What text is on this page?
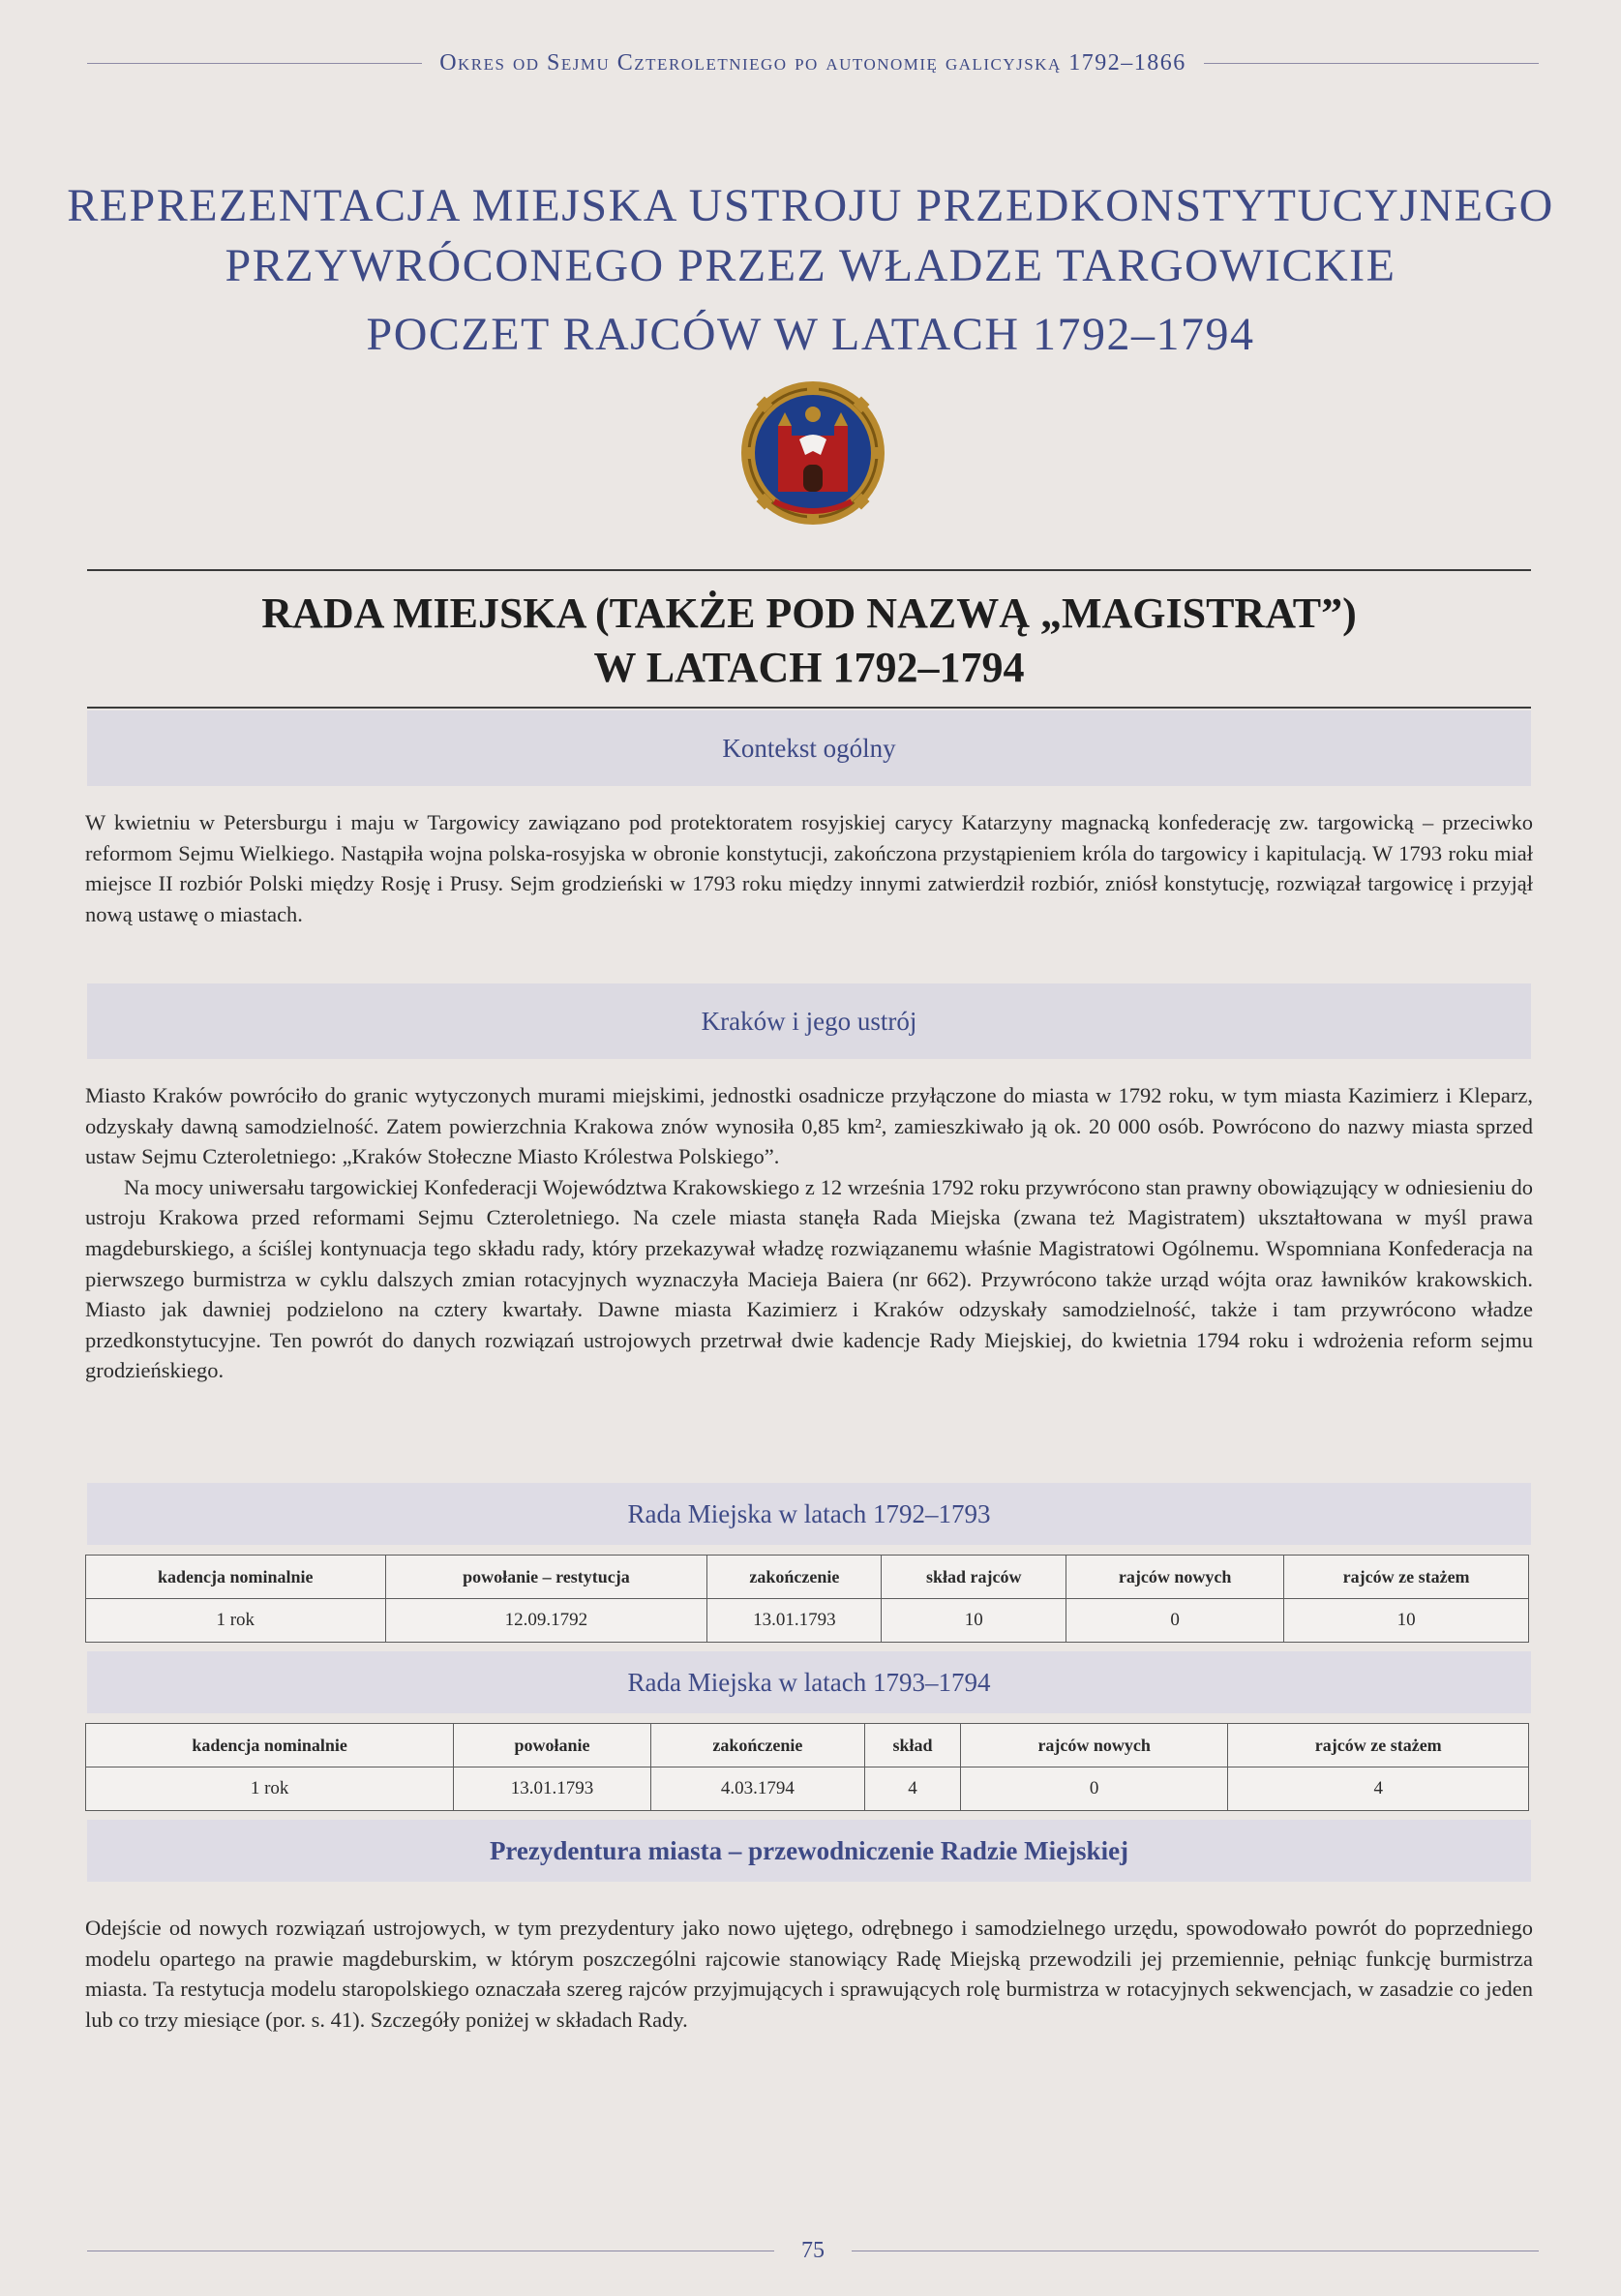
Okres od Sejmu Czteroletniego po autonomię galicyjską 1792–1866
REPREZENTACJA MIEJSKA USTROJU PRZEDKONSTYTUCYJNEGO
PRZYWRÓCONEGO PRZEZ WŁADZE TARGOWICKIE
POCZET RAJCÓW W LATACH 1792–1794
RADA MIEJSKA (TAKŻE POD NAZWĄ „MAGISTRAT”)
W LATACH 1792–1794
Kontekst ogólny

W kwietniu w Petersburgu i maju w Targowicy zawiązano pod protektoratem rosyjskiej carycy Katarzyny magnacką konfederację zw. targowicką – przeciwko reformom Sejmu Wielkiego. Nastąpiła wojna polska-rosyjska w obronie konstytucji, zakończona przystąpieniem króla do targowicy i kapitulacją. W 1793 roku miał miejsce II rozbiór Polski między Rosję i Prusy. Sejm grodzieński w 1793 roku między innymi zatwierdził rozbiór, zniósł konstytucję, rozwiązał targowicę i przyjął nową ustawę o miastach.

Kraków i jego ustrój

Miasto Kraków powróciło do granic wytyczonych murami miejskimi, jednostki osadnicze przyłączone do miasta w 1792 roku, w tym miasta Kazimierz i Kleparz, odzyskały dawną samodzielność. Zatem powierzchnia Krakowa znów wynosiła 0,85 km², zamieszkiwało ją ok. 20 000 osób. Powrócono do nazwy miasta sprzed ustaw Sejmu Czteroletniego: „Kraków Stołeczne Miasto Królestwa Polskiego”.

Na mocy uniwersału targowickiej Konfederacji Województwa Krakowskiego z 12 września 1792 roku przywrócono stan prawny obowiązujący w odniesieniu do ustroju Krakowa przed reformami Sejmu Czteroletniego. Na czele miasta stanęła Rada Miejska (zwana też Magistratem) ukształtowana w myśl prawa magdeburskiego, a ściślej kontynuacja tego składu rady, który przekazywał władzę rozwiązanemu właśnie Magistratowi Ogólnemu. Wspomniana Konfederacja na pierwszego burmistrza w cyklu dalszych zmian rotacyjnych wyznaczyła Macieja Baiera (nr 662). Przywrócono także urząd wójta oraz ławników krakowskich. Miasto jak dawniej podzielono na cztery kwartały. Dawne miasta Kazimierz i Kraków odzyskały samodzielność, także i tam przywrócono władze przedkonstytucyjne. Ten powrót do danych rozwiązań ustrojowych przetrwał dwie kadencje Rady Miejskiej, do kwietnia 1794 roku i wdrożenia reform sejmu grodzieńskiego.

Rada Miejska w latach 1792–1793
kadencja nominalnie	powołanie – restytucja	zakończenie	skład rajców	rajców nowych	rajców ze stażem
1 rok	12.09.1792	13.01.1793	10	0	10
Rada Miejska w latach 1793–1794
kadencja nominalnie	powołanie	zakończenie	skład	rajców nowych	rajców ze stażem
1 rok	13.01.1793	4.03.1794	4	0	4
Prezydentura miasta – przewodniczenie Radzie Miejskiej

Odejście od nowych rozwiązań ustrojowych, w tym prezydentury jako nowo ujętego, odrębnego i samodzielnego urzędu, spowodowało powrót do poprzedniego modelu opartego na prawie magdeburskim, w którym poszczególni rajcowie stanowiący Radę Miejską przewodzili jej przemiennie, pełniąc funkcję burmistrza miasta. Ta restytucja modelu staropolskiego oznaczała szereg rajców przyjmujących i sprawujących rolę burmistrza w rotacyjnych sekwencjach, w zasadzie co jeden lub co trzy miesiące (por. s. 41). Szczegóły poniżej w składach Rady.

75
